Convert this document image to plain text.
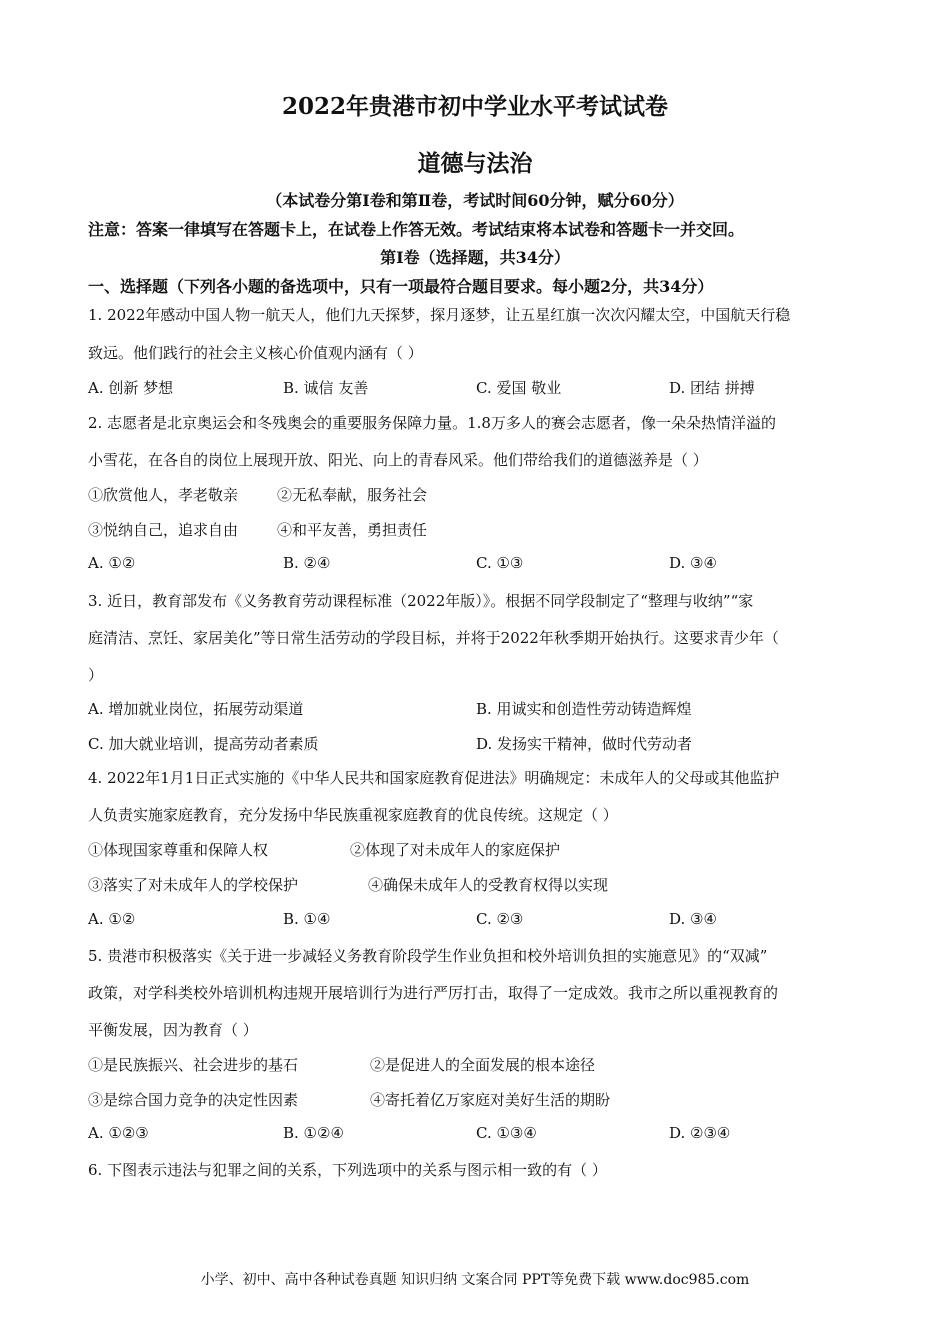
2022年贵港市初中学业水平考试试卷
道德与法治
（本试卷分第Ⅰ卷和第Ⅱ卷，考试时间60分钟，赋分60分）
注意：答案一律填写在答题卡上，在试卷上作答无效。考试结束将本试卷和答题卡一并交回。
第Ⅰ卷（选择题，共34分）
一、选择题（下列各小题的备选项中，只有一项最符合题目要求。每小题2分，共34分）
1. 2022年感动中国人物一航天人，他们九天探梦，探月逐梦，让五星红旗一次次闪耀太空，中国航天行稳
致远。他们践行的社会主义核心价值观内涵有（ ）
A. 创新 梦想	B. 诚信 友善	C. 爱国 敬业	D. 团结 拼搏
2. 志愿者是北京奥运会和冬残奥会的重要服务保障力量。1.8万多人的赛会志愿者，像一朵朵热情洋溢的
小雪花，在各自的岗位上展现开放、阳光、向上的青春风采。他们带给我们的道德滋养是（ ）
①欣赏他人，孝老敬亲	②无私奉献，服务社会
③悦纳自己，追求自由	④和平友善，勇担责任
A. ①②	B. ②④	C. ①③	D. ③④
3. 近日，教育部发布《义务教育劳动课程标准（2022年版）》。根据不同学段制定了“整理与收纳”“家
庭清洁、烹饪、家居美化”等日常生活劳动的学段目标，并将于2022年秋季期开始执行。这要求青少年（
）
A. 增加就业岗位，拓展劳动渠道	B. 用诚实和创造性劳动铸造辉煌
C. 加大就业培训，提高劳动者素质	D. 发扬实干精神，做时代劳动者
4. 2022年1月1日正式实施的《中华人民共和国家庭教育促进法》明确规定：未成年人的父母或其他监护
人负责实施家庭教育，充分发扬中华民族重视家庭教育的优良传统。这规定（ ）
①体现国家尊重和保障人权	②体现了对未成年人的家庭保护
③落实了对未成年人的学校保护	④确保未成年人的受教育权得以实现
A. ①②	B. ①④	C. ②③	D. ③④
5. 贵港市积极落实《关于进一步减轻义务教育阶段学生作业负担和校外培训负担的实施意见》的“双减”
政策，对学科类校外培训机构违规开展培训行为进行严厉打击，取得了一定成效。我市之所以重视教育的
平衡发展，因为教育（ ）
①是民族振兴、社会进步的基石	②是促进人的全面发展的根本途径
③是综合国力竞争的决定性因素	④寄托着亿万家庭对美好生活的期盼
A. ①②③	B. ①②④	C. ①③④	D. ②③④
6. 下图表示违法与犯罪之间的关系，下列选项中的关系与图示相一致的有（ ）
小学、初中、高中各种试卷真题 知识归纳 文案合同 PPT等免费下载 www.doc985.com
